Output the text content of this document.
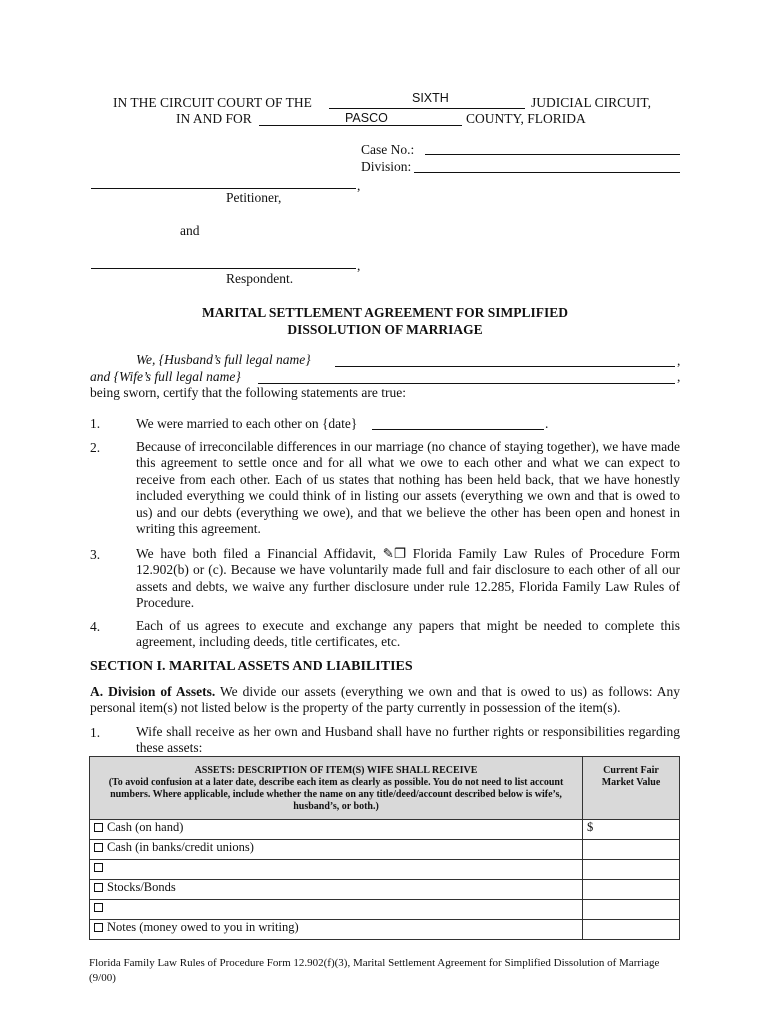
IN THE CIRCUIT COURT OF THE	SIXTH	JUDICIAL CIRCUIT,
IN AND FOR	PASCO	COUNTY, FLORIDA
Case No.:
Division:
,
Petitioner,
and
,
Respondent.
MARITAL SETTLEMENT AGREEMENT FOR SIMPLIFIED
DISSOLUTION OF MARRIAGE
We, {Husband’s full legal name}	,
and {Wife’s full legal name}	,
being sworn, certify that the following statements are true:
1.	We were married to each other on {date}	.
2.	Because of irreconcilable differences in our marriage (no chance of staying together), we have made this agreement to settle once and for all what we owe to each other and what we can expect to receive from each other. Each of us states that nothing has been held back, that we have honestly included everything we could think of in listing our assets (everything we own and that is owed to us) and our debts (everything we owe), and that we believe the other has been open and honest in writing this agreement.
3.	We have both filed a Financial Affidavit, ✎❐ Florida Family Law Rules of Procedure Form 12.902(b) or (c). Because we have voluntarily made full and fair disclosure to each other of all our assets and debts, we waive any further disclosure under rule 12.285, Florida Family Law Rules of Procedure.
4.	Each of us agrees to execute and exchange any papers that might be needed to complete this agreement, including deeds, title certificates, etc.
SECTION I. MARITAL ASSETS AND LIABILITIES
A. Division of Assets. We divide our assets (everything we own and that is owed to us) as follows: Any personal item(s) not listed below is the property of the party currently in possession of the item(s).
1.	Wife shall receive as her own and Husband shall have no further rights or responsibilities regarding these assets:
ASSETS: DESCRIPTION OF ITEM(S) WIFE SHALL RECEIVE
(To avoid confusion at a later date, describe each item as clearly as possible. You do not need to list account numbers. Where applicable, include whether the name on any title/deed/account described below is wife’s, husband’s, or both.)	Current Fair Market Value
Cash (on hand)	$
Cash (in banks/credit unions)	

Stocks/Bonds	

Notes (money owed to you in writing)	
Florida Family Law Rules of Procedure Form 12.902(f)(3), Marital Settlement Agreement for Simplified Dissolution of Marriage
(9/00)
